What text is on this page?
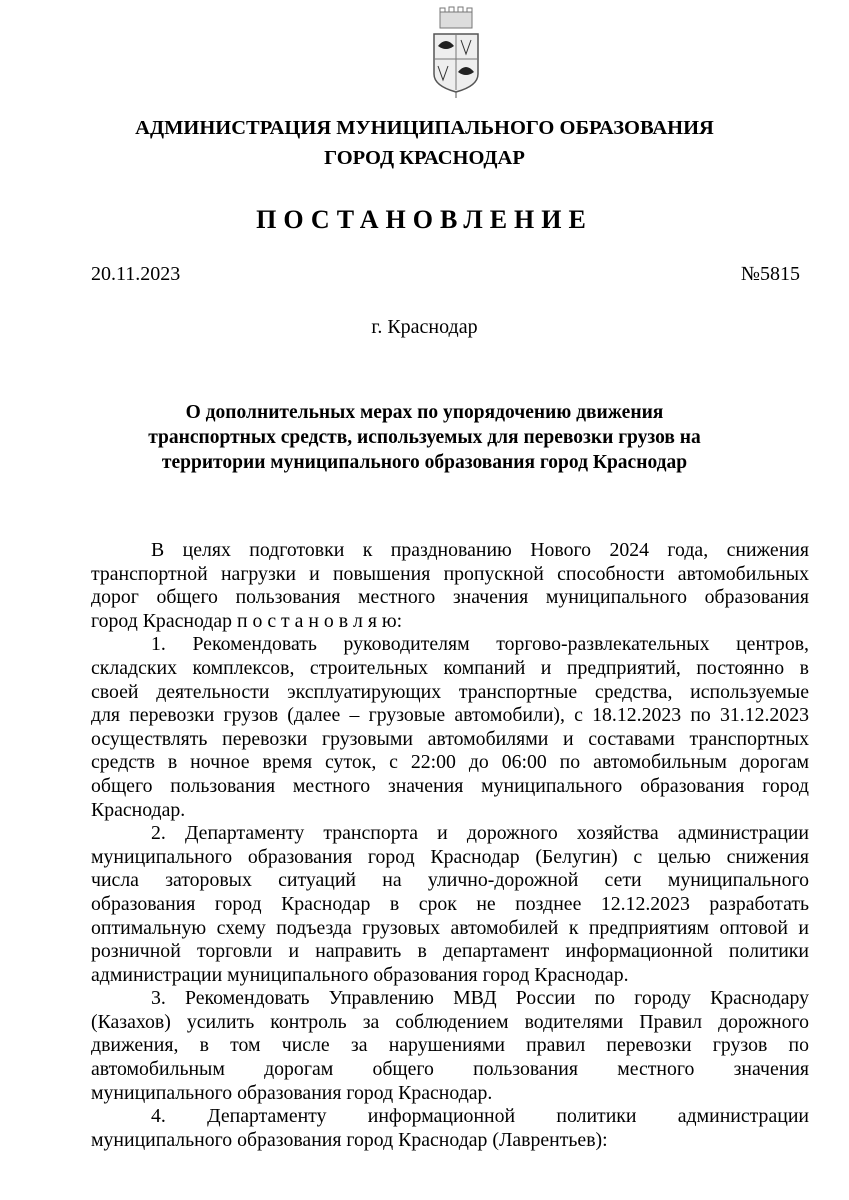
АДМИНИСТРАЦИЯ МУНИЦИПАЛЬНОГО ОБРАЗОВАНИЯ
ГОРОД КРАСНОДАР
ПОСТАНОВЛЕНИЕ
20.11.2023	№5815
г. Краснодар
О дополнительных мерах по упорядочению движения
транспортных средств, используемых для перевозки грузов на
территории муниципального образования город Краснодар
В целях подготовки к празднованию Нового 2024 года, снижения
транспортной нагрузки и повышения пропускной способности автомобильных
дорог общего пользования местного значения муниципального образования
город Краснодар п о с т а н о в л я ю:
1. Рекомендовать руководителям торгово-развлекательных центров,
складских комплексов, строительных компаний и предприятий, постоянно в
своей деятельности эксплуатирующих транспортные средства, используемые
для перевозки грузов (далее – грузовые автомобили), с 18.12.2023 по 31.12.2023
осуществлять перевозки грузовыми автомобилями и составами транспортных
средств в ночное время суток, с 22:00 до 06:00 по автомобильным дорогам
общего пользования местного значения муниципального образования город
Краснодар.
2. Департаменту транспорта и дорожного хозяйства администрации
муниципального образования город Краснодар (Белугин) с целью снижения
числа заторовых ситуаций на улично-дорожной сети муниципального
образования город Краснодар в срок не позднее 12.12.2023 разработать
оптимальную схему подъезда грузовых автомобилей к предприятиям оптовой и
розничной торговли и направить в департамент информационной политики
администрации муниципального образования город Краснодар.
3. Рекомендовать Управлению МВД России по городу Краснодару
(Казахов) усилить контроль за соблюдением водителями Правил дорожного
движения, в том числе за нарушениями правил перевозки грузов по
автомобильным дорогам общего пользования местного значения
муниципального образования город Краснодар.
4. Департаменту информационной политики администрации
муниципального образования город Краснодар (Лаврентьев):
